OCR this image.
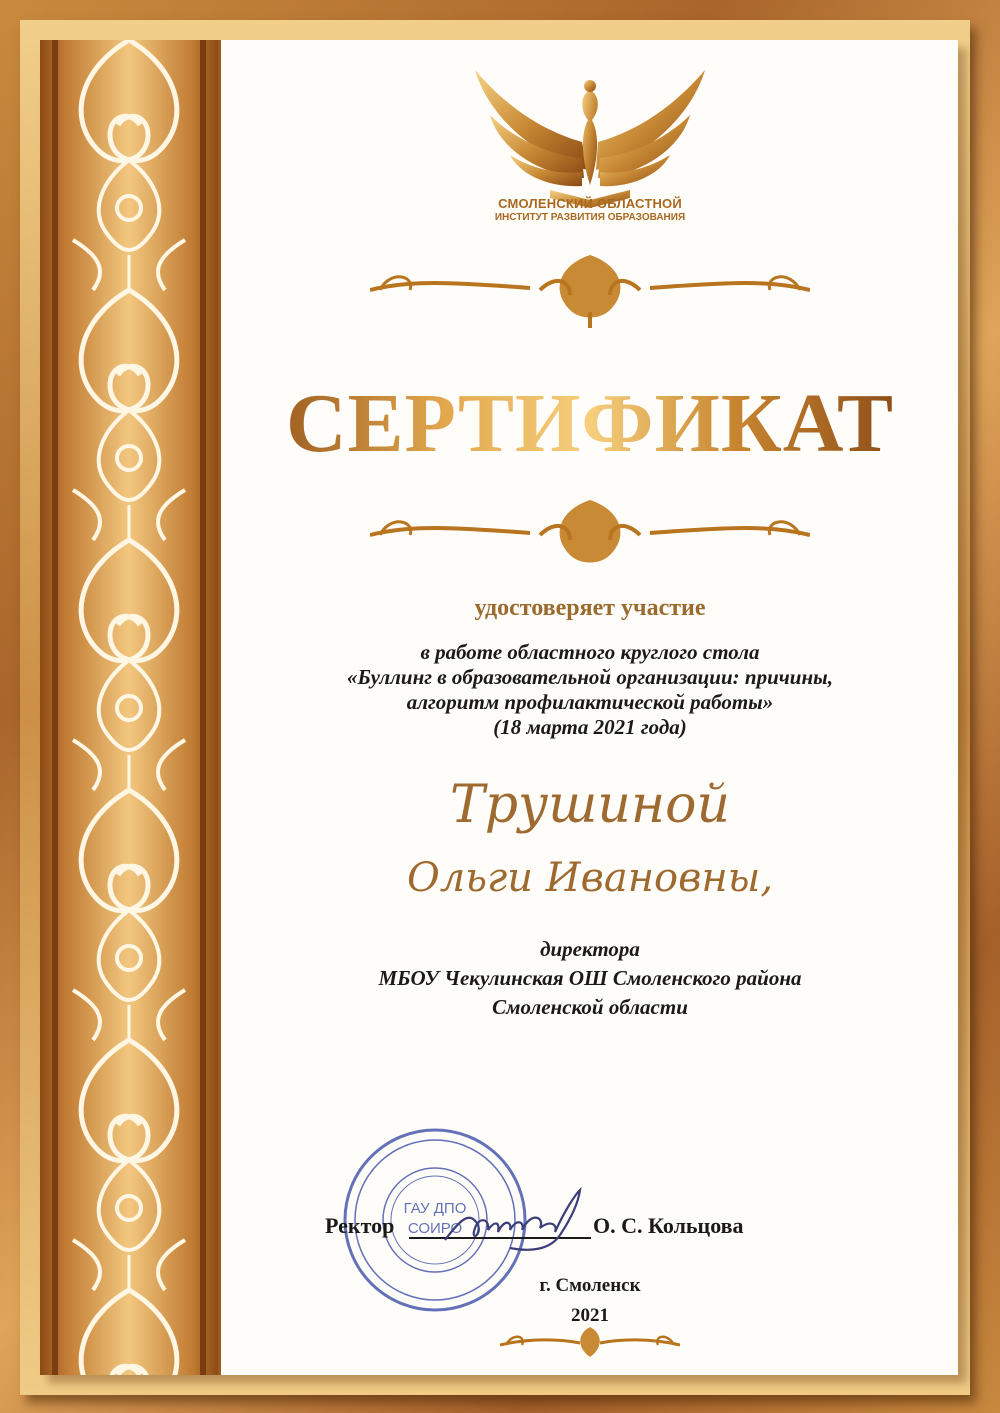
СМОЛЕНСКИЙ ОБЛАСТНОЙ
ИНСТИТУТ РАЗВИТИЯ ОБРАЗОВАНИЯ
СЕРТИФИКАТ
удостоверяет участие
в работе областного круглого стола
«Буллинг в образовательной организации: причины,
алгоритм профилактической работы»
(18 марта 2021 года)
Трушиной
Ольги Ивановны,
директора
МБОУ Чекулинская ОШ Смоленского района
Смоленской области
ГАУ ДПО
СОИРО
Ректор	О. С. Кольцова
г. Смоленск
2021
